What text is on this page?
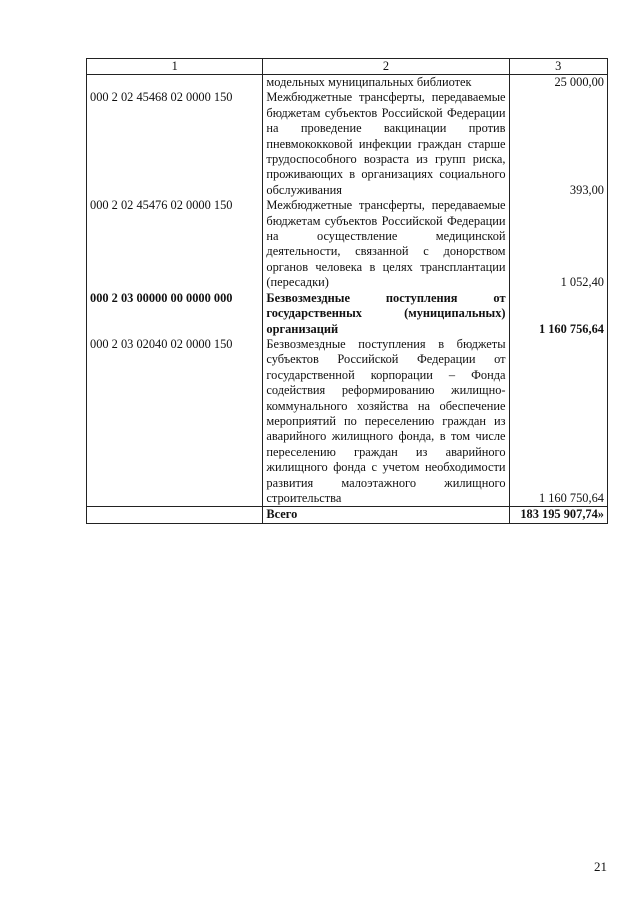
1	2	3
	модельных муниципальных библиотек	25 000,00
000 2 02 45468 02 0000 150	Межбюджетные трансферты, передаваемые бюджетам субъектов Российской Федерации на проведение вакцинации против пневмококковой инфекции граждан старше трудоспособного возраста из групп риска, проживающих в организациях социального обслуживания	393,00
000 2 02 45476 02 0000 150	Межбюджетные трансферты, передаваемые бюджетам субъектов Российской Федерации на осуществление медицинской деятельности, связанной с донорством органов человека в целях трансплантации (пересадки)	1 052,40
000 2 03 00000 00 0000 000	Безвозмездные поступления от государственных (муниципальных) организаций	1 160 756,64
000 2 03 02040 02 0000 150	Безвозмездные поступления в бюджеты субъектов Российской Федерации от государственной корпорации – Фонда содействия реформированию жилищно-коммунального хозяйства на обеспечение мероприятий по переселению граждан из аварийного жилищного фонда, в том числе переселению граждан из аварийного жилищного фонда с учетом необходимости развития малоэтажного жилищного строительства	1 160 750,64
	Всего	183 195 907,74»
21
